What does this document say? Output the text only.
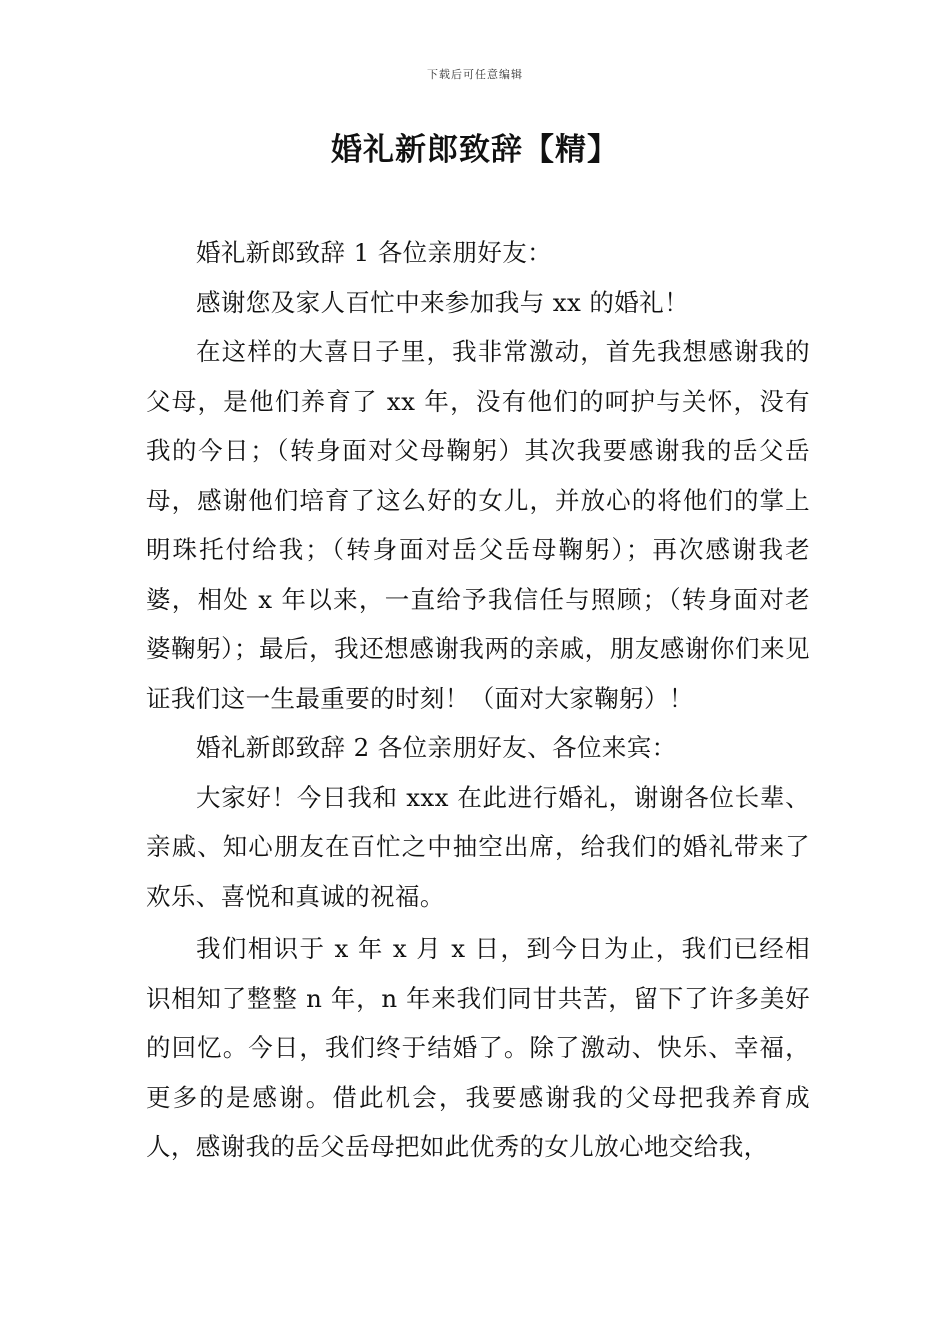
下载后可任意编辑
婚礼新郎致辞【精】

婚礼新郎致辞 1 各位亲朋好友：

感谢您及家人百忙中来参加我与 xx 的婚礼！

在这样的大喜日子里，我非常激动，首先我想感谢我的父母，是他们养育了 xx 年，没有他们的呵护与关怀，没有我的今日；（转身面对父母鞠躬）其次我要感谢我的岳父岳母，感谢他们培育了这么好的女儿，并放心的将他们的掌上明珠托付给我；（转身面对岳父岳母鞠躬）；再次感谢我老婆，相处 x 年以来，一直给予我信任与照顾；（转身面对老婆鞠躬）；最后，我还想感谢我两的亲戚，朋友感谢你们来见证我们这一生最重要的时刻！（面对大家鞠躬）！

婚礼新郎致辞 2 各位亲朋好友、各位来宾：

大家好！今日我和 xxx 在此进行婚礼，谢谢各位长辈、亲戚、知心朋友在百忙之中抽空出席，给我们的婚礼带来了欢乐、喜悦和真诚的祝福。

我们相识于 x 年 x 月 x 日，到今日为止，我们已经相识相知了整整 n 年，n 年来我们同甘共苦，留下了许多美好的回忆。今日，我们终于结婚了。除了激动、快乐、幸福，更多的是感谢。借此机会，我要感谢我的父母把我养育成人，感谢我的岳父岳母把如此优秀的女儿放心地交给我，
